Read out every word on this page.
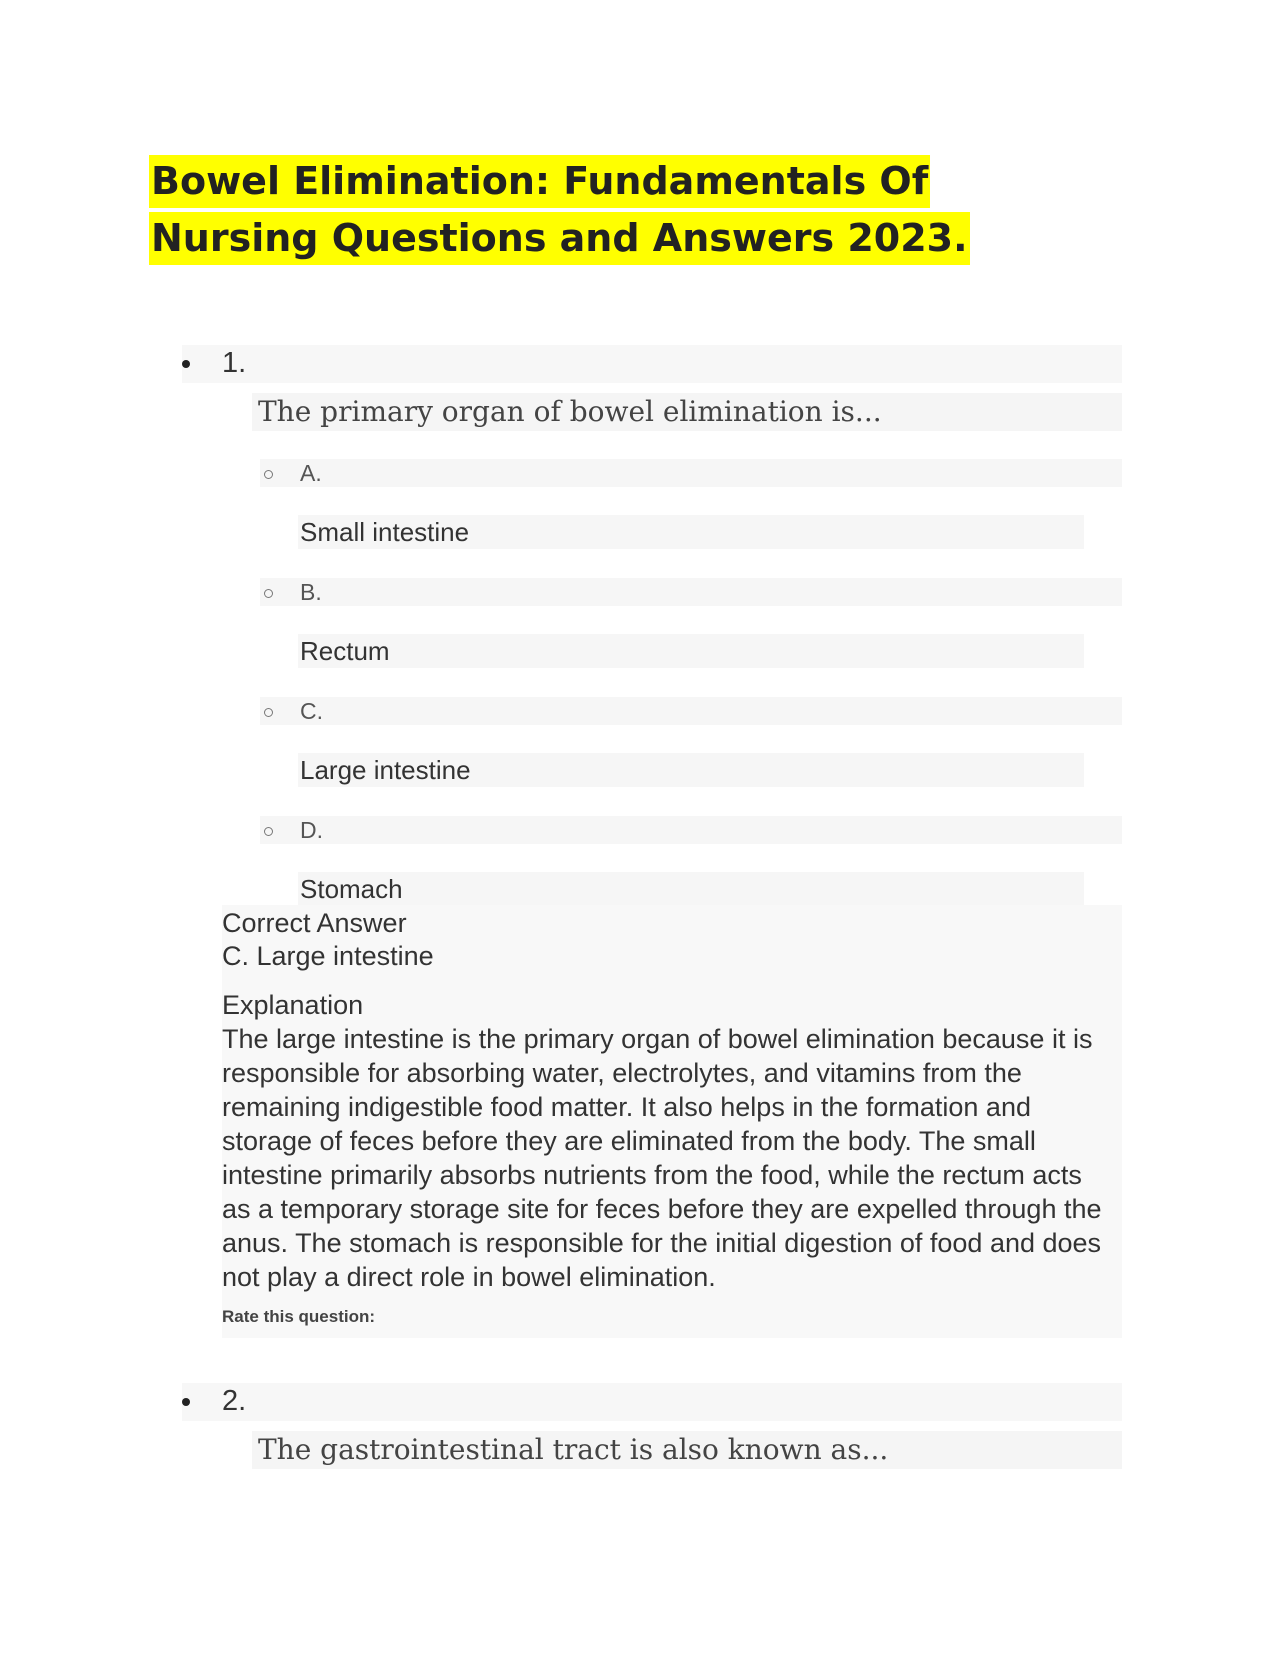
Bowel Elimination: Fundamentals Of Nursing Questions and Answers 2023.
1.
The primary organ of bowel elimination is...
A.
Small intestine
B.
Rectum
C.
Large intestine
D.
Stomach
Correct Answer
C. Large intestine
Explanation
The large intestine is the primary organ of bowel elimination because it is responsible for absorbing water, electrolytes, and vitamins from the remaining indigestible food matter. It also helps in the formation and storage of feces before they are eliminated from the body. The small intestine primarily absorbs nutrients from the food, while the rectum acts as a temporary storage site for feces before they are expelled through the anus. The stomach is responsible for the initial digestion of food and does not play a direct role in bowel elimination.
Rate this question:
2.
The gastrointestinal tract is also known as...
